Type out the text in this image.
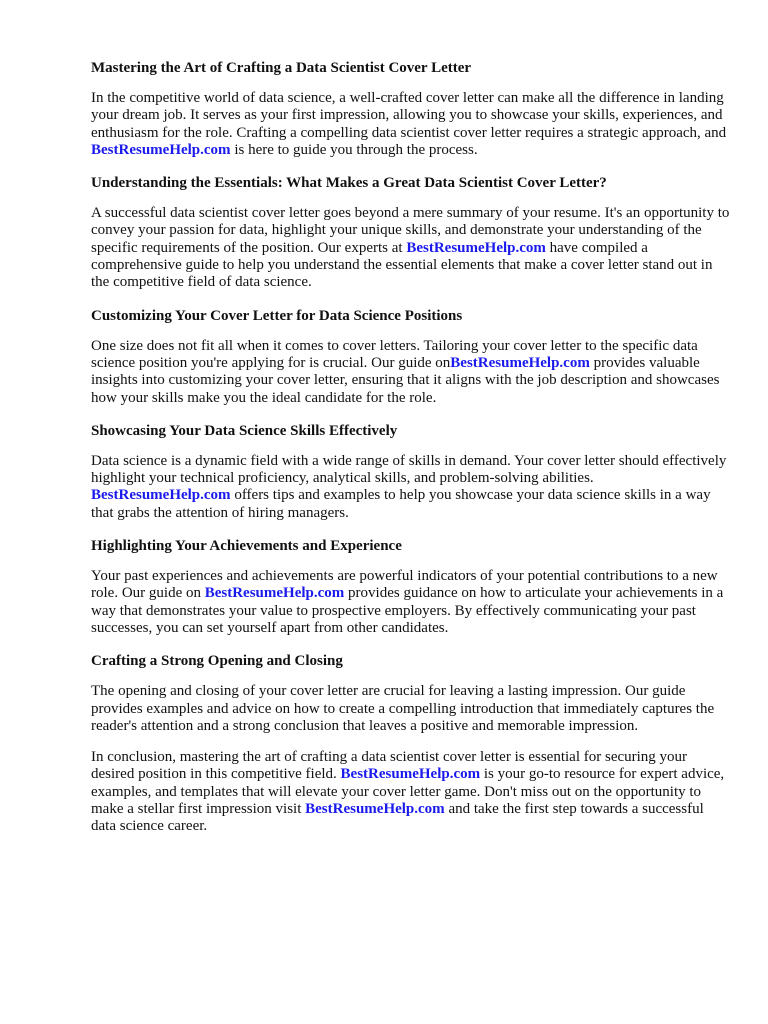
Mastering the Art of Crafting a Data Scientist Cover Letter

In the competitive world of data science, a well-crafted cover letter can make all the difference in landing your dream job. It serves as your first impression, allowing you to showcase your skills, experiences, and enthusiasm for the role. Crafting a compelling data scientist cover letter requires a strategic approach, and BestResumeHelp.com is here to guide you through the process.

Understanding the Essentials: What Makes a Great Data Scientist Cover Letter?

A successful data scientist cover letter goes beyond a mere summary of your resume. It's an opportunity to convey your passion for data, highlight your unique skills, and demonstrate your understanding of the specific requirements of the position. Our experts at BestResumeHelp.com have compiled a comprehensive guide to help you understand the essential elements that make a cover letter stand out in the competitive field of data science.

Customizing Your Cover Letter for Data Science Positions

One size does not fit all when it comes to cover letters. Tailoring your cover letter to the specific data science position you're applying for is crucial. Our guide onBestResumeHelp.com provides valuable insights into customizing your cover letter, ensuring that it aligns with the job description and showcases how your skills make you the ideal candidate for the role.

Showcasing Your Data Science Skills Effectively

Data science is a dynamic field with a wide range of skills in demand. Your cover letter should effectively highlight your technical proficiency, analytical skills, and problem-solving abilities. BestResumeHelp.com offers tips and examples to help you showcase your data science skills in a way that grabs the attention of hiring managers.

Highlighting Your Achievements and Experience

Your past experiences and achievements are powerful indicators of your potential contributions to a new role. Our guide on BestResumeHelp.com provides guidance on how to articulate your achievements in a way that demonstrates your value to prospective employers. By effectively communicating your past successes, you can set yourself apart from other candidates.

Crafting a Strong Opening and Closing

The opening and closing of your cover letter are crucial for leaving a lasting impression. Our guide provides examples and advice on how to create a compelling introduction that immediately captures the reader's attention and a strong conclusion that leaves a positive and memorable impression.

In conclusion, mastering the art of crafting a data scientist cover letter is essential for securing your desired position in this competitive field. BestResumeHelp.com is your go-to resource for expert advice, examples, and templates that will elevate your cover letter game. Don't miss out on the opportunity to make a stellar first impression visit BestResumeHelp.com and take the first step towards a successful data science career.
